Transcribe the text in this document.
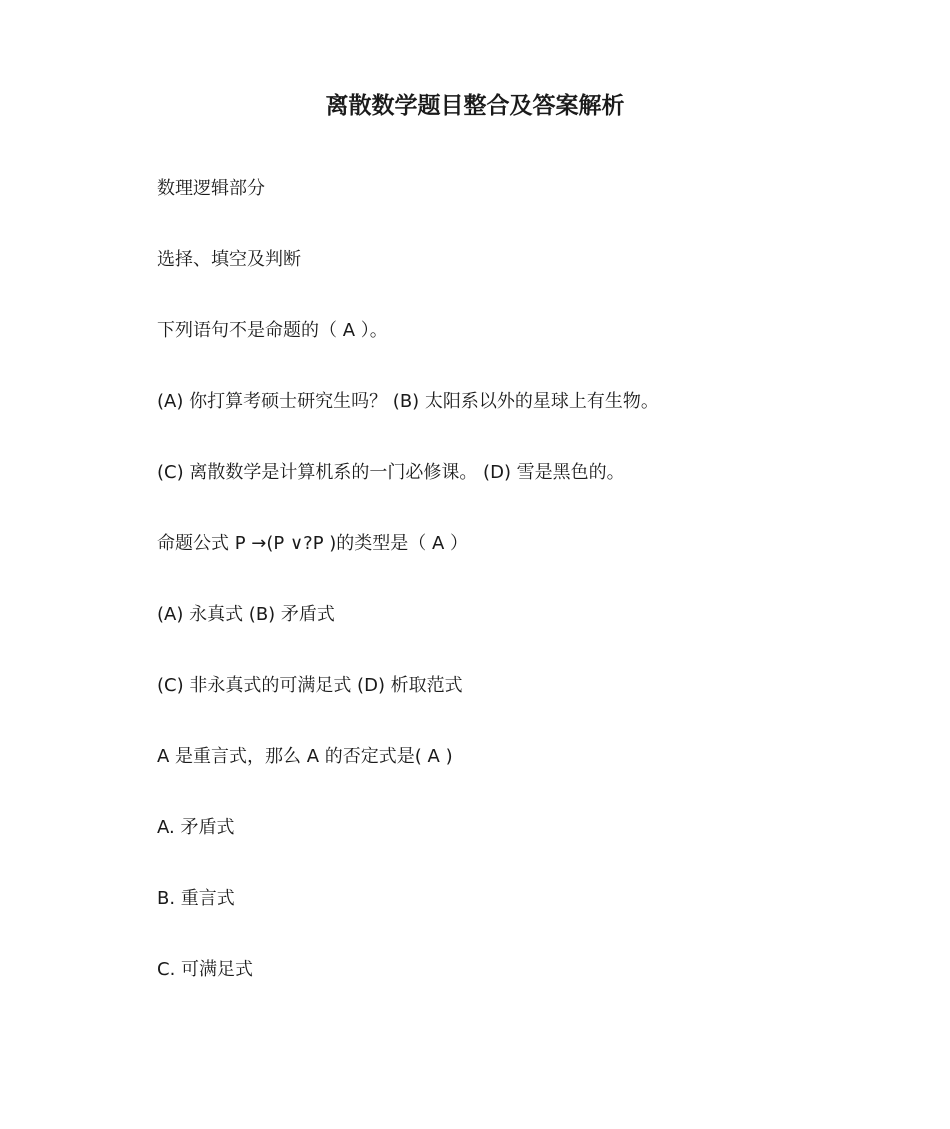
离散数学题目整合及答案解析
数理逻辑部分
选择、填空及判断
下列语句不是命题的（ A ）。
(A) 你打算考硕士研究生吗？ (B) 太阳系以外的星球上有生物。
(C) 离散数学是计算机系的一门必修课。 (D) 雪是黑色的。
命题公式 P →(P ∨?P )的类型是（ A ）
(A) 永真式 (B) 矛盾式
(C) 非永真式的可满足式 (D) 析取范式
A 是重言式，那么 A 的否定式是( A )
A. 矛盾式
B. 重言式
C. 可满足式
